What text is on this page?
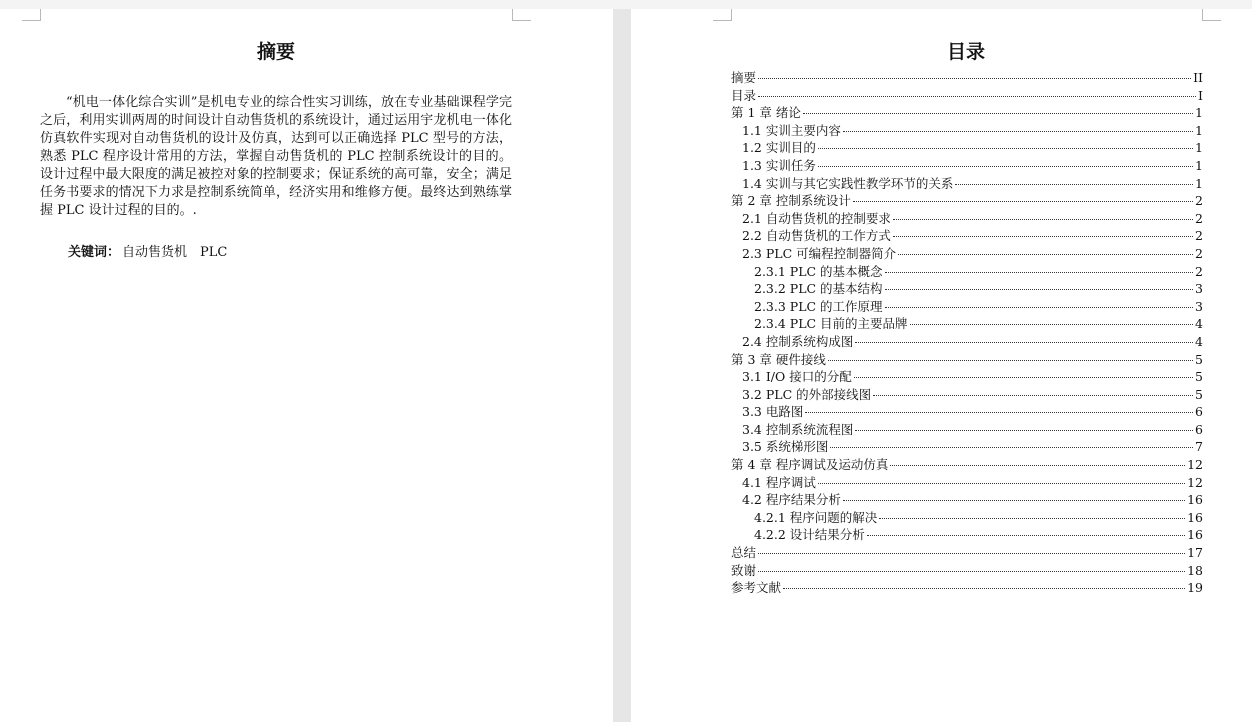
摘要

“机电一体化综合实训”是机电专业的综合性实习训练，放在专业基础课程学完之后，利用实训两周的时间设计自动售货机的系统设计，通过运用宇龙机电一体化仿真软件实现对自动售货机的设计及仿真，达到可以正确选择 PLC 型号的方法，熟悉 PLC 程序设计常用的方法，掌握自动售货机的 PLC 控制系统设计的目的。设计过程中最大限度的满足被控对象的控制要求；保证系统的高可靠，安全；满足任务书要求的情况下力求是控制系统简单，经济实用和维修方便。最终达到熟练掌握 PLC 设计过程的目的。.

关键词： 自动售货机　PLC
目录
摘要	II
目录	I
第 1 章 绪论	1
1.1 实训主要内容	1
1.2 实训目的	1
1.3 实训任务	1
1.4 实训与其它实践性教学环节的关系	1
第 2 章 控制系统设计	2
2.1 自动售货机的控制要求	2
2.2 自动售货机的工作方式	2
2.3 PLC 可编程控制器简介	2
2.3.1 PLC 的基本概念	2
2.3.2 PLC 的基本结构	3
2.3.3 PLC 的工作原理	3
2.3.4 PLC 目前的主要品牌	4
2.4 控制系统构成图	4
第 3 章 硬件接线	5
3.1 I/O 接口的分配	5
3.2 PLC 的外部接线图	5
3.3 电路图	6
3.4 控制系统流程图	6
3.5 系统梯形图	7
第 4 章 程序调试及运动仿真	12
4.1 程序调试	12
4.2 程序结果分析	16
4.2.1 程序问题的解决	16
4.2.2 设计结果分析	16
总结	17
致谢	18
参考文献	19
